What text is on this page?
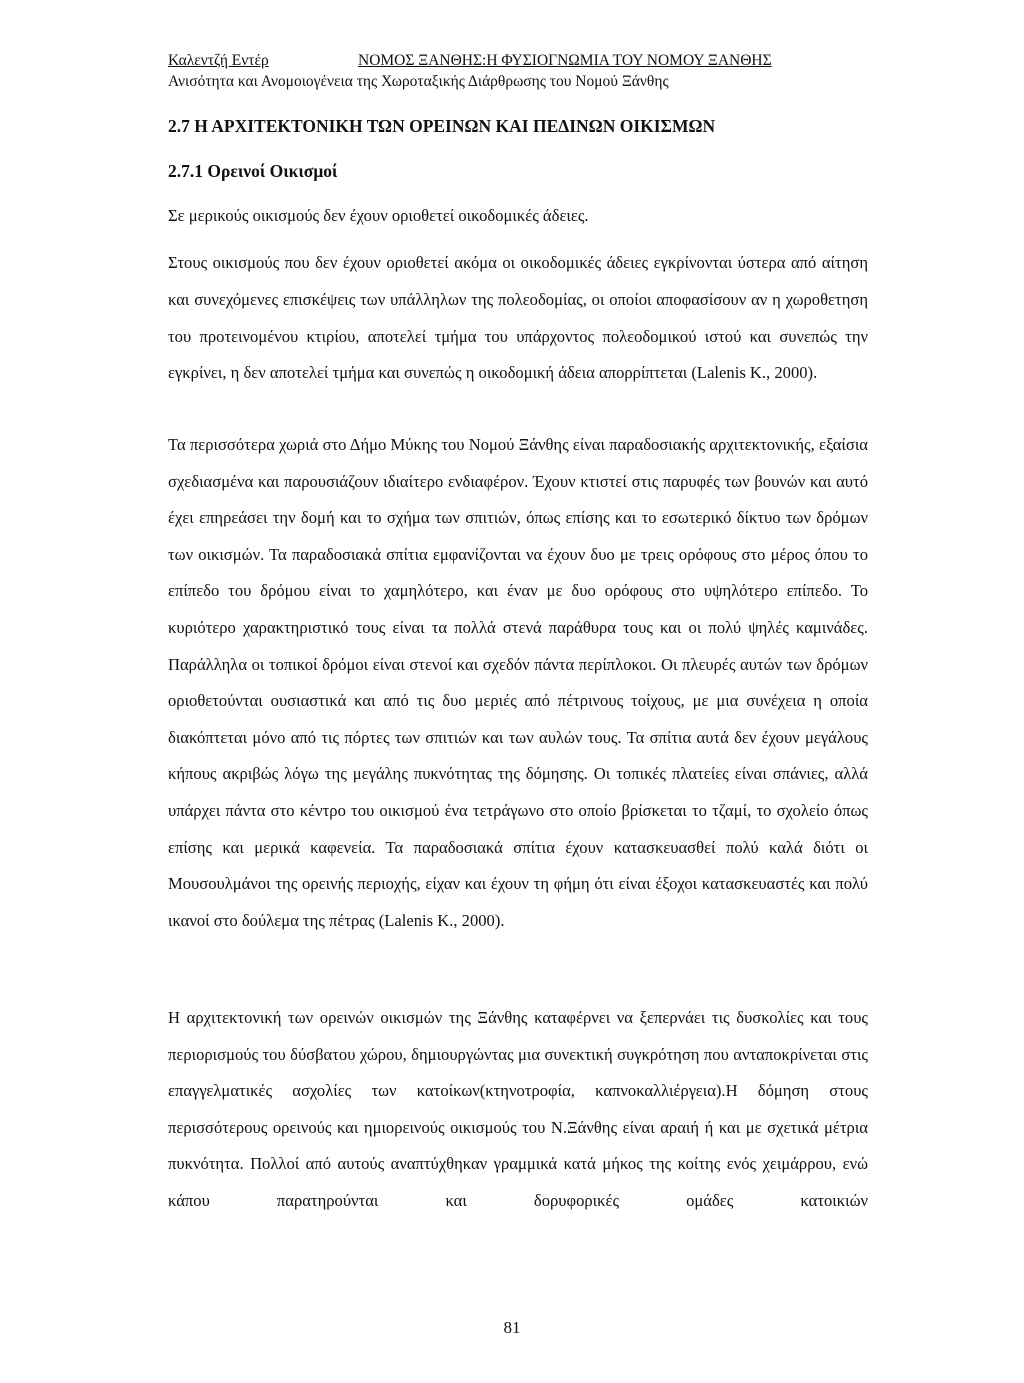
Καλεντζή Εντέρ	ΝΟΜΟΣ ΞΑΝΘΗΣ:Η ΦΥΣΙΟΓΝΩΜΙΑ ΤΟΥ ΝΟΜΟΥ ΞΑΝΘΗΣ
Ανισότητα και Ανομοιογένεια της Χωροταξικής Διάρθρωσης του Νομού Ξάνθης
2.7 Η ΑΡΧΙΤΕΚΤΟΝΙΚΗ ΤΩΝ ΟΡΕΙΝΩΝ ΚΑΙ ΠΕΔΙΝΩΝ ΟΙΚΙΣΜΩΝ
2.7.1 Ορεινοί Οικισμοί

Σε μερικούς οικισμούς δεν έχουν οριοθετεί οικοδομικές άδειες.

Στους οικισμούς που δεν έχουν οριοθετεί ακόμα οι οικοδομικές άδειες εγκρίνονται ύστερα από αίτηση και συνεχόμενες επισκέψεις των υπάλληλων της πολεοδομίας, οι οποίοι αποφασίσουν αν η χωροθετηση του προτεινομένου κτιρίου, αποτελεί τμήμα του υπάρχοντος πολεοδομικού ιστού και συνεπώς την εγκρίνει, η δεν αποτελεί τμήμα και συνεπώς η οικοδομική άδεια απορρίπτεται (Lalenis K., 2000).

Τα περισσότερα χωριά στο Δήμο Μύκης του Νομού Ξάνθης είναι παραδοσιακής αρχιτεκτονικής, εξαίσια σχεδιασμένα και παρουσιάζουν ιδιαίτερο ενδιαφέρον. Έχουν κτιστεί στις παρυφές των βουνών και αυτό έχει επηρεάσει την δομή και το σχήμα των σπιτιών, όπως επίσης και το εσωτερικό δίκτυο των δρόμων των οικισμών. Τα παραδοσιακά σπίτια εμφανίζονται να έχουν δυο με τρεις ορόφους στο μέρος όπου το επίπεδο του δρόμου είναι το χαμηλότερο, και έναν με δυο ορόφους στο υψηλότερο επίπεδο. Το κυριότερο χαρακτηριστικό τους είναι τα πολλά στενά παράθυρα τους και οι πολύ ψηλές καμινάδες. Παράλληλα οι τοπικοί δρόμοι είναι στενοί και σχεδόν πάντα περίπλοκοι. Οι πλευρές αυτών των δρόμων οριοθετούνται ουσιαστικά και από τις δυο μεριές από πέτρινους τοίχους, με μια συνέχεια η οποία διακόπτεται μόνο από τις πόρτες των σπιτιών και των αυλών τους. Τα σπίτια αυτά δεν έχουν μεγάλους κήπους ακριβώς λόγω της μεγάλης πυκνότητας της δόμησης. Οι τοπικές πλατείες είναι σπάνιες, αλλά υπάρχει πάντα στο κέντρο του οικισμού ένα τετράγωνο στο οποίο βρίσκεται το τζαμί, το σχολείο όπως επίσης και μερικά καφενεία. Τα παραδοσιακά σπίτια έχουν κατασκευασθεί πολύ καλά διότι οι Μουσουλμάνοι της ορεινής περιοχής, είχαν και έχουν τη φήμη ότι είναι έξοχοι κατασκευαστές και πολύ ικανοί στο δούλεμα της πέτρας (Lalenis K., 2000).

Η αρχιτεκτονική των ορεινών οικισμών της Ξάνθης καταφέρνει να ξεπερνάει τις δυσκολίες και τους περιορισμούς του δύσβατου χώρου, δημιουργώντας μια συνεκτική συγκρότηση που ανταποκρίνεται στις επαγγελματικές ασχολίες των κατοίκων(κτηνοτροφία, καπνοκαλλιέργεια).Η δόμηση στους περισσότερους ορεινούς και ημιορεινούς οικισμούς του Ν.Ξάνθης είναι αραιή ή και με σχετικά μέτρια πυκνότητα. Πολλοί από αυτούς αναπτύχθηκαν γραμμικά κατά μήκος της κοίτης ενός χειμάρρου, ενώ κάπου παρατηρούνται και δορυφορικές ομάδες κατοικιών

81
